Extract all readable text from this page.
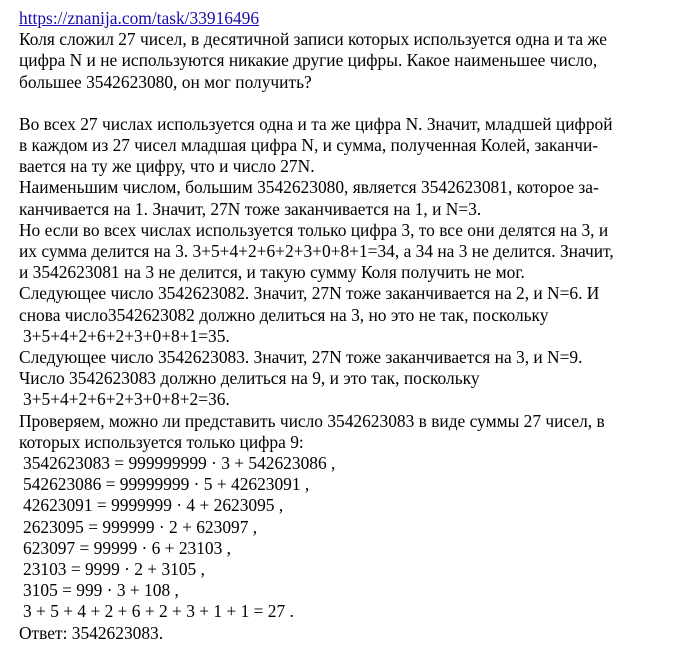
https://znanija.com/task/33916496
Коля сложил 27 чисел, в десятичной записи которых используется одна и та же
цифра N и не используются никакие другие цифры. Какое наименьшее число,
большее 3542623080, он мог получить?
Во всех 27 числах используется одна и та же цифра N. Значит, младшей цифрой
в каждом из 27 чисел младшая цифра N, и сумма, полученная Колей, заканчи-
вается на ту же цифру, что и число 27N.
Наименьшим числом, большим 3542623080, является 3542623081, которое за-
канчивается на 1. Значит, 27N тоже заканчивается на 1, и N=3.
Но если во всех числах используется только цифра 3, то все они делятся на 3, и
их сумма делится на 3. 3+5+4+2+6+2+3+0+8+1=34, а 34 на 3 не делится. Значит,
и 3542623081 на 3 не делится, и такую сумму Коля получить не мог.
Следующее число 3542623082. Значит, 27N тоже заканчивается на 2, и N=6. И
снова число3542623082 должно делиться на 3, но это не так, поскольку
3+5+4+2+6+2+3+0+8+1=35.
Следующее число 3542623083. Значит, 27N тоже заканчивается на 3, и N=9.
Число 3542623083 должно делиться на 9, и это так, поскольку
3+5+4+2+6+2+3+0+8+2=36.
Проверяем, можно ли представить число 3542623083 в виде суммы 27 чисел, в
которых используется только цифра 9:
3542623083 = 999999999 · 3 + 542623086 ,
542623086 = 99999999 · 5 + 42623091 ,
42623091 = 9999999 · 4 + 2623095 ,
2623095 = 999999 · 2 + 623097 ,
623097 = 99999 · 6 + 23103 ,
23103 = 9999 · 2 + 3105 ,
3105 = 999 · 3 + 108 ,
3 + 5 + 4 + 2 + 6 + 2 + 3 + 1 + 1 = 27 .
Ответ: 3542623083.
